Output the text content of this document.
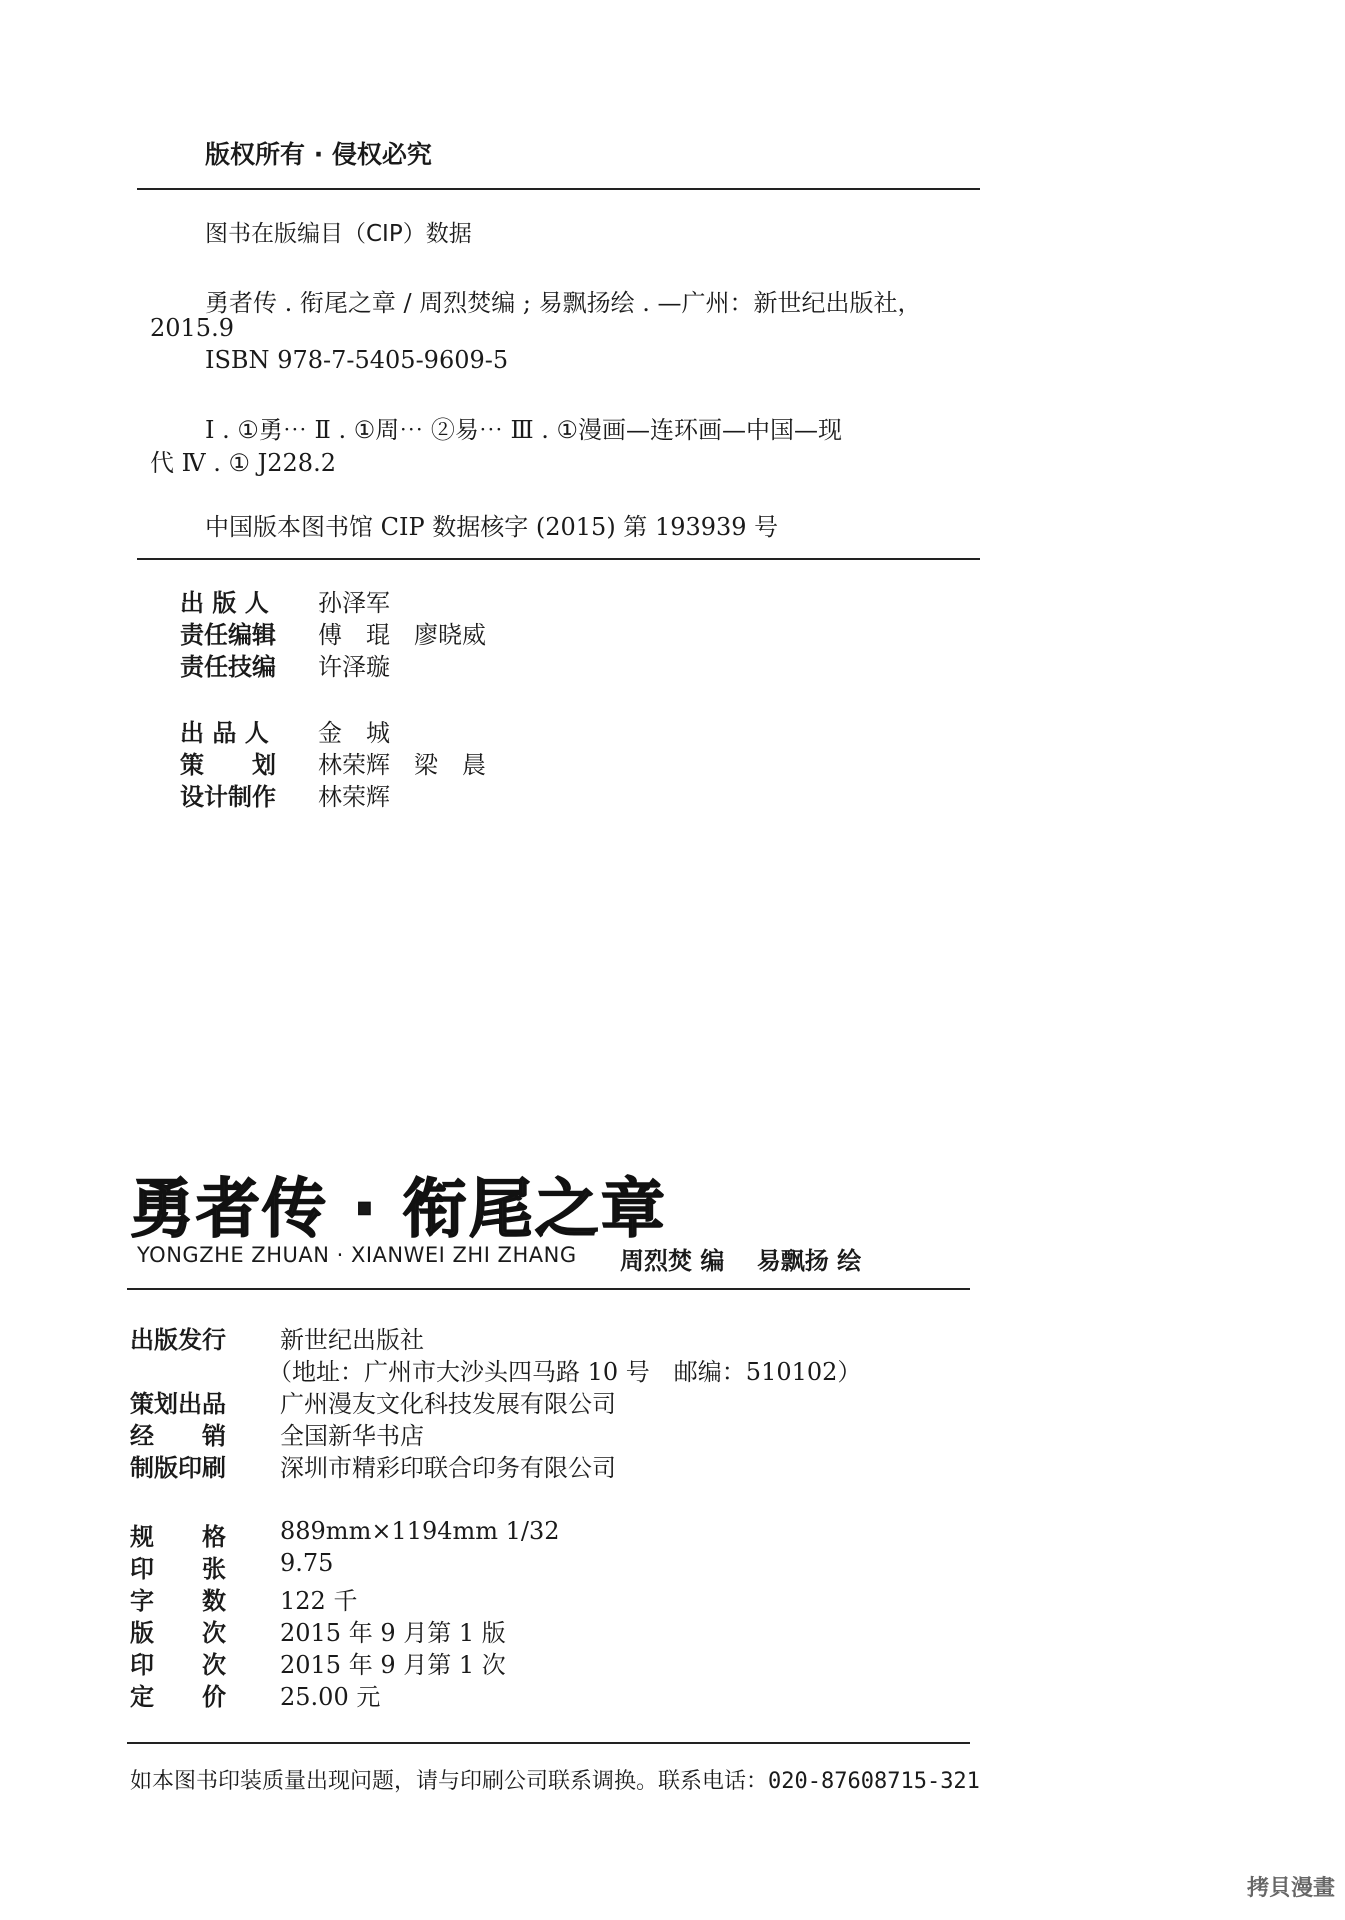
版权所有 · 侵权必究
图书在版编目（CIP）数据
勇者传 . 衔尾之章 / 周烈焚编 ; 易飘扬绘 . —广州：新世纪出版社，
2015.9
ISBN 978-7-5405-9609-5
Ⅰ . ①勇⋯ Ⅱ . ①周⋯ ②易⋯ Ⅲ . ①漫画—连环画—中国—现
代 Ⅳ . ① J228.2
中国版本图书馆 CIP 数据核字 (2015) 第 193939 号
出 版 人 孙泽军
责任编辑 傅　琨　廖晓威
责任技编 许泽璇
出 品 人 金　城
策　　划 林荣辉　梁　晨
设计制作 林荣辉
勇者传 · 衔尾之章
YONGZHE ZHUAN · XIANWEI ZHI ZHANG 周烈焚 编　 易飘扬 绘
出版发行 新世纪出版社
（地址：广州市大沙头四马路 10 号　邮编：510102）
策划出品 广州漫友文化科技发展有限公司
经　　销 全国新华书店
制版印刷 深圳市精彩印联合印务有限公司
规　　格 889mm×1194mm 1/32
印　　张 9.75
字　　数 122 千
版　　次 2015 年 9 月第 1 版
印　　次 2015 年 9 月第 1 次
定　　价 25.00 元
如本图书印装质量出现问题，请与印刷公司联系调换。联系电话：020-87608715-321
拷貝漫畫
